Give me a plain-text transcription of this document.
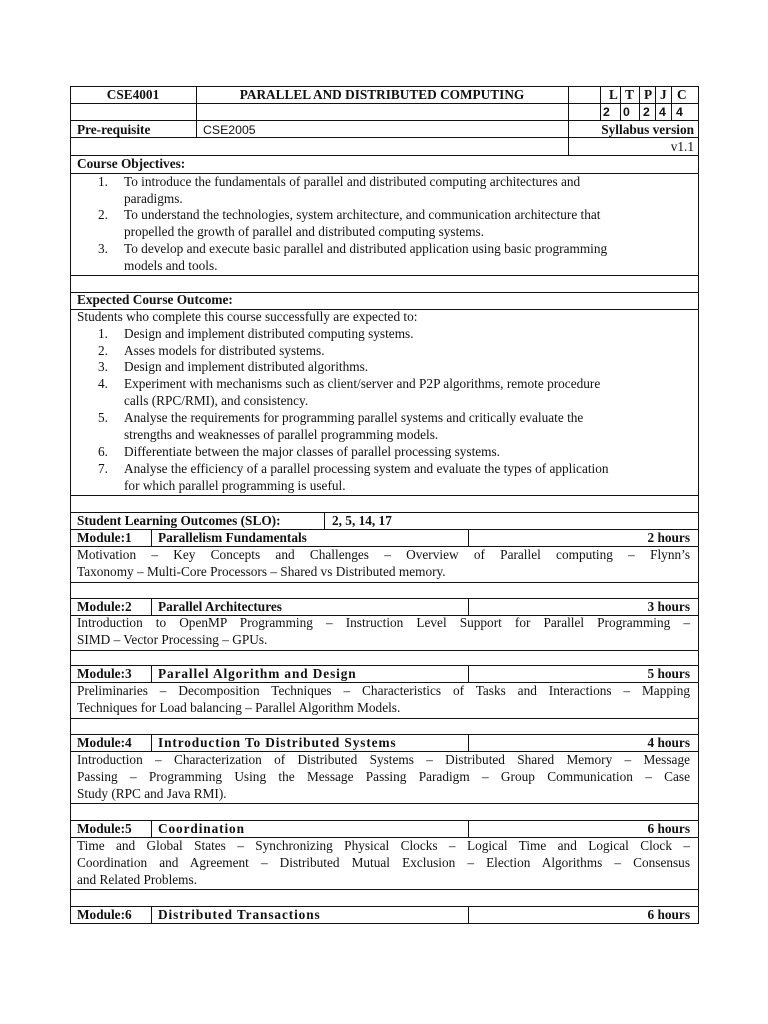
CSE4001	PARALLEL AND DISTRIBUTED COMPUTING	L T P J C
2 0 2 4 4
Pre-requisite	CSE2005	Syllabus version
v1.1
Course Objectives:
1. To introduce the fundamentals of parallel and distributed computing architectures and
paradigms.
2. To understand the technologies, system architecture, and communication architecture that
propelled the growth of parallel and distributed computing systems.
3. To develop and execute basic parallel and distributed application using basic programming
models and tools.
Expected Course Outcome:
Students who complete this course successfully are expected to:
1. Design and implement distributed computing systems.
2. Asses models for distributed systems.
3. Design and implement distributed algorithms.
4. Experiment with mechanisms such as client/server and P2P algorithms, remote procedure
calls (RPC/RMI), and consistency.
5. Analyse the requirements for programming parallel systems and critically evaluate the
strengths and weaknesses of parallel programming models.
6. Differentiate between the major classes of parallel processing systems.
7. Analyse the efficiency of a parallel processing system and evaluate the types of application
for which parallel programming is useful.
Student Learning Outcomes (SLO):	2, 5, 14, 17
Module:1 Parallelism Fundamentals	2 hours
Motivation – Key Concepts and Challenges – Overview of Parallel computing – Flynn’s
Taxonomy – Multi-Core Processors – Shared vs Distributed memory.
Module:2 Parallel Architectures	3 hours
Introduction to OpenMP Programming – Instruction Level Support for Parallel Programming –
SIMD – Vector Processing – GPUs.
Module:3 Parallel Algorithm and Design	5 hours
Preliminaries – Decomposition Techniques – Characteristics of Tasks and Interactions – Mapping
Techniques for Load balancing – Parallel Algorithm Models.
Module:4 Introduction To Distributed Systems	4 hours
Introduction – Characterization of Distributed Systems – Distributed Shared Memory – Message
Passing – Programming Using the Message Passing Paradigm – Group Communication – Case
Study (RPC and Java RMI).
Module:5 Coordination	6 hours
Time and Global States – Synchronizing Physical Clocks – Logical Time and Logical Clock –
Coordination and Agreement – Distributed Mutual Exclusion – Election Algorithms – Consensus
and Related Problems.
Module:6 Distributed Transactions	6 hours
